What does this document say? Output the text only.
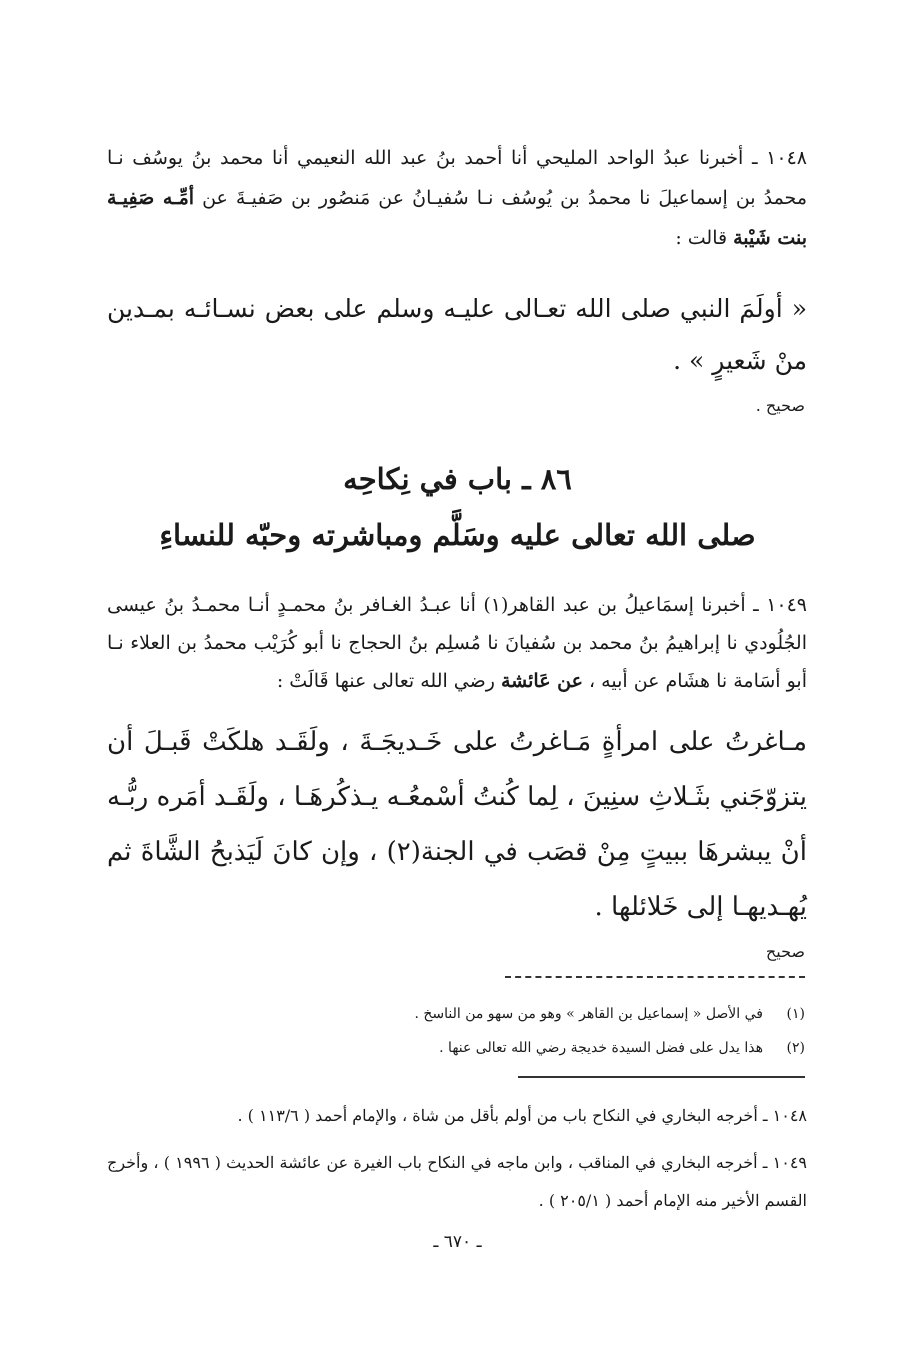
١٠٤٨ ـ أخبرنا عبدُ الواحد المليحي أنا أحمد بنُ عبد الله النعيمي أنا محمد بنُ يوسُف نـا محمدُ بن إسماعيلَ نا محمدُ بن يُوسُف نـا سُفيـانُ عن مَنصُور بن صَفيـةَ عن أمِّـه صَفِيـة بنت شَيْبة قالت :
« أولَمَ النبي صلى الله تعـالى عليـه وسلم على بعض نسـائـه بمـدين منْ شَعيرٍ » .
صحيح .
٨٦ ـ باب في نِكاحِه
صلى الله تعالى عليه وسَلَّم ومباشرته وحبّه للنساءِ
١٠٤٩ ـ أخبرنا إسمَاعيلُ بن عبد القاهر(١) أنا عبـدُ الغـافر بنُ محمـدٍ أنـا محمـدُ بنُ عيسى الجُلُودي نا إبراهيمُ بنُ محمد بن سُفيانَ نا مُسلِم بنُ الحجاج نا أبو كُرَيْب محمدُ بن العلاء نـا أبو أسَامة نا هشَام عن أبيه ، عن عَائشة رضي الله تعالى عنها قَالَتْ :
مـاغرتُ على امرأةٍ مَـاغرتُ على خَـديجَـةَ ، ولَقَـد هلكَتْ قَبـلَ أن يتزوّجَني بثَـلاثِ سنِينَ ، لِما كُنتُ أسْمعُـه يـذكُرهَـا ، ولَقَـد أمَره ربُّـه أنْ يبشرهَا ببيتٍ مِنْ قصَب في الجنة(٢) ، وإن كانَ لَيَذبحُ الشَّاةَ ثم يُهـديهـا إلى خَلائلها .
صحيح
(١)في الأصل « إسماعيل بن القاهر » وهو من سهو من الناسخ .
(٢)هذا يدل على فضل السيدة خديجة رضي الله تعالى عنها .
١٠٤٨ ـ أخرجه البخاري في النكاح باب من أولم بأقل من شاة ، والإمام أحمد ( ١١٣/٦ ) .
١٠٤٩ ـ أخرجه البخاري في المناقب ، وابن ماجه في النكاح باب الغيرة عن عائشة الحديث ( ١٩٩٦ ) ، وأخرج القسم الأخير منه الإمام أحمد ( ٢٠٥/١ ) .
ـ ٦٧٠ ـ
